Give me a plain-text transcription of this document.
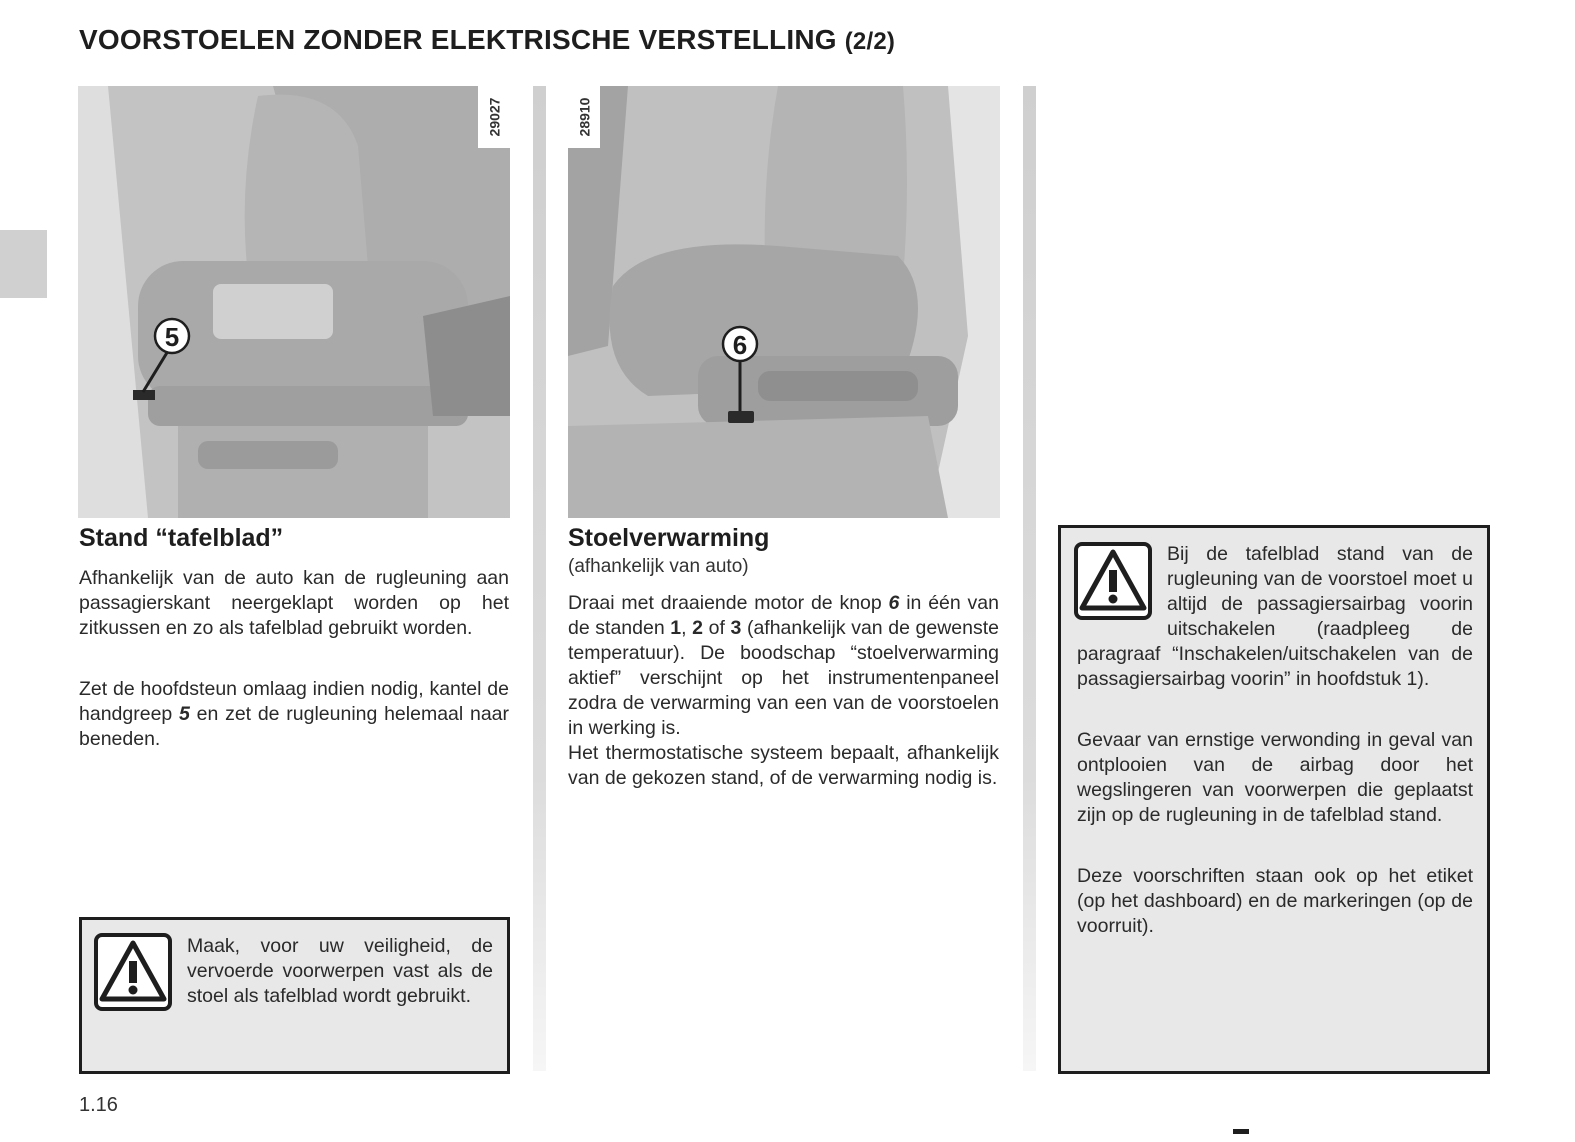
VOORSTOELEN ZONDER ELEKTRISCHE VERSTELLING (2/2)
5
29027
6
28910
Stand “tafelblad”

Afhankelijk van de auto kan de rugleuning aan passagierskant neergeklapt worden op het zitkussen en zo als tafelblad gebruikt worden.

Zet de hoofdsteun omlaag indien nodig, kantel de handgreep 5 en zet de rugleuning helemaal naar beneden.

Maak, voor uw veiligheid, de vervoerde voorwerpen vast als de stoel als tafelblad wordt gebruikt.

Stoelverwarming

(afhankelijk van auto)

Draai met draaiende motor de knop 6 in één van de standen 1, 2 of 3 (afhankelijk van de gewenste temperatuur). De boodschap “stoelverwarming aktief” verschijnt op het instrumentenpaneel zodra de verwarming van een van de voorstoelen in werking is.

Het thermostatische systeem bepaalt, afhankelijk van de gekozen stand, of de verwarming nodig is.

Bij de tafelblad stand van de rugleuning van de voorstoel moet u altijd de passagiersairbag voorin uitschakelen (raadpleeg de paragraaf “Inschakelen/uitschakelen van de passagiersairbag voorin” in hoofdstuk 1).

Gevaar van ernstige verwonding in geval van ontplooien van de airbag door het wegslingeren van voorwerpen die geplaatst zijn op de rugleuning in de tafelblad stand.

Deze voorschriften staan ook op het etiket (op het dashboard) en de markeringen (op de voorruit).

1.16
